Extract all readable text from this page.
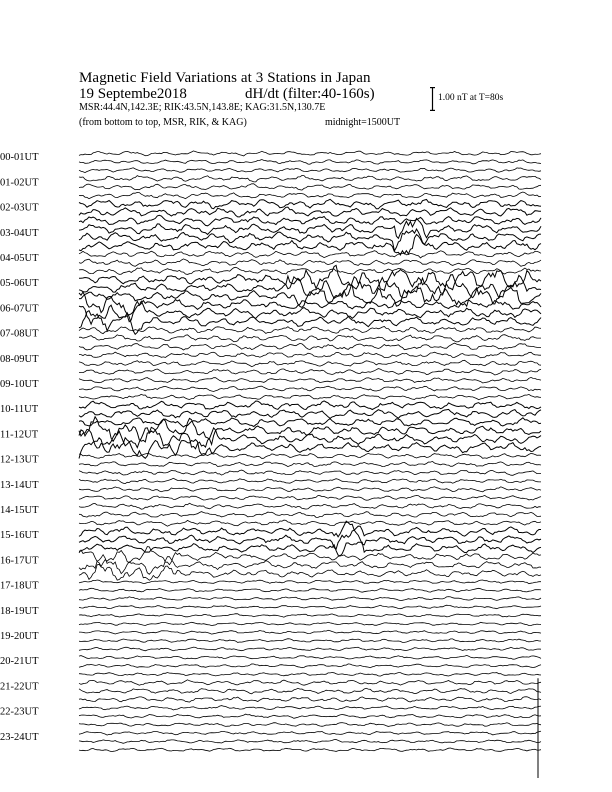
Magnetic Field Variations at 3 Stations in Japan
19 Septembe2018	dH/dt (filter:40-160s)
MSR:44.4N,142.3E; RIK:43.5N,143.8E; KAG:31.5N,130.7E
(from bottom to top, MSR, RIK, & KAG)	midnight=1500UT
1.00 nT at T=80s
00-01UT
01-02UT
02-03UT
03-04UT
04-05UT
05-06UT
06-07UT
07-08UT
08-09UT
09-10UT
10-11UT
11-12UT
12-13UT
13-14UT
14-15UT
15-16UT
16-17UT
17-18UT
18-19UT
19-20UT
20-21UT
21-22UT
22-23UT
23-24UT
